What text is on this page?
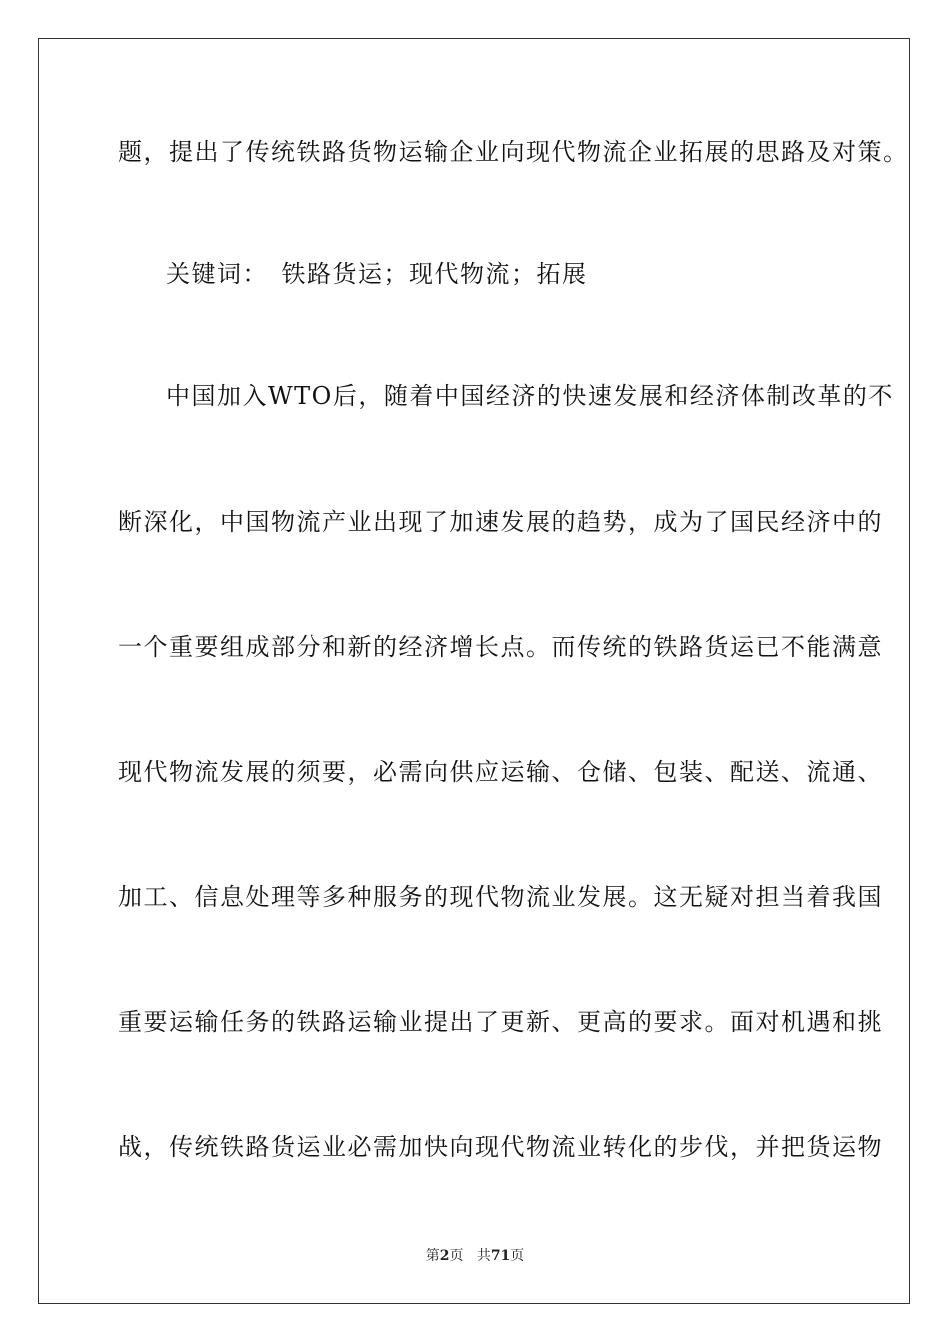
题，提出了传统铁路货物运输企业向现代物流企业拓展的思路及对策。
关键词：　铁路货运；现代物流；拓展
中国加入WTO后，随着中国经济的快速发展和经济体制改革的不
断深化，中国物流产业出现了加速发展的趋势，成为了国民经济中的
一个重要组成部分和新的经济增长点。而传统的铁路货运已不能满意
现代物流发展的须要，必需向供应运输、仓储、包装、配送、流通、
加工、信息处理等多种服务的现代物流业发展。这无疑对担当着我国
重要运输任务的铁路运输业提出了更新、更高的要求。面对机遇和挑
战，传统铁路货运业必需加快向现代物流业转化的步伐，并把货运物
第2页 共71页
